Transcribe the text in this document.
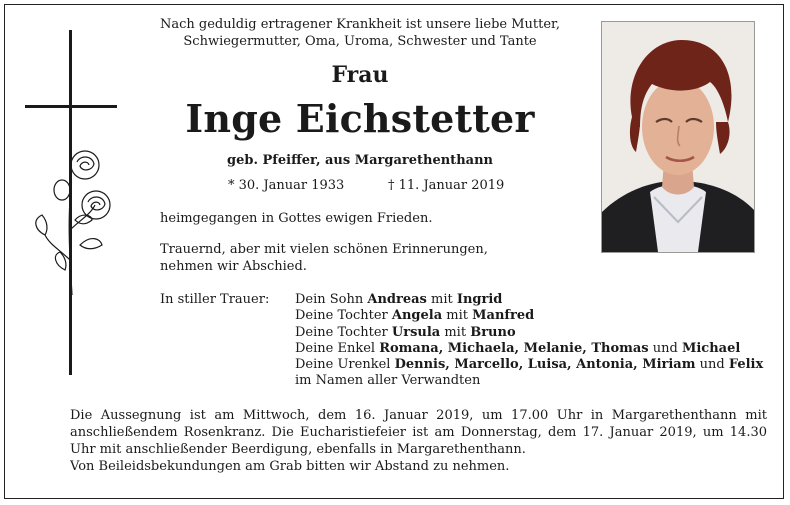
Nach geduldig ertragener Krankheit ist unsere liebe Mutter,
Schwiegermutter, Oma, Uroma, Schwester und Tante
Frau
Inge Eichstetter
geb. Pfeiffer, aus Margarethenthann
* 30. Januar 1933	† 11. Januar 2019
heimgegangen in Gottes ewigen Frieden.
Trauernd, aber mit vielen schönen Erinnerungen,
nehmen wir Abschied.
In stiller Trauer: Dein Sohn Andreas mit Ingrid
Deine Tochter Angela mit Manfred
Deine Tochter Ursula mit Bruno
Deine Enkel Romana, Michaela, Melanie, Thomas und Michael
Deine Urenkel Dennis, Marcello, Luisa, Antonia, Miriam und Felix
im Namen aller Verwandten
Die Aussegnung ist am Mittwoch, dem 16. Januar 2019, um 17.00 Uhr in Margarethenthann mit anschließendem Rosenkranz. Die Eucharistiefeier ist am Donnerstag, dem 17. Januar 2019, um 14.30 Uhr mit anschließender Beerdigung, ebenfalls in Margarethenthann.
Von Beileidsbekundungen am Grab bitten wir Abstand zu nehmen.
